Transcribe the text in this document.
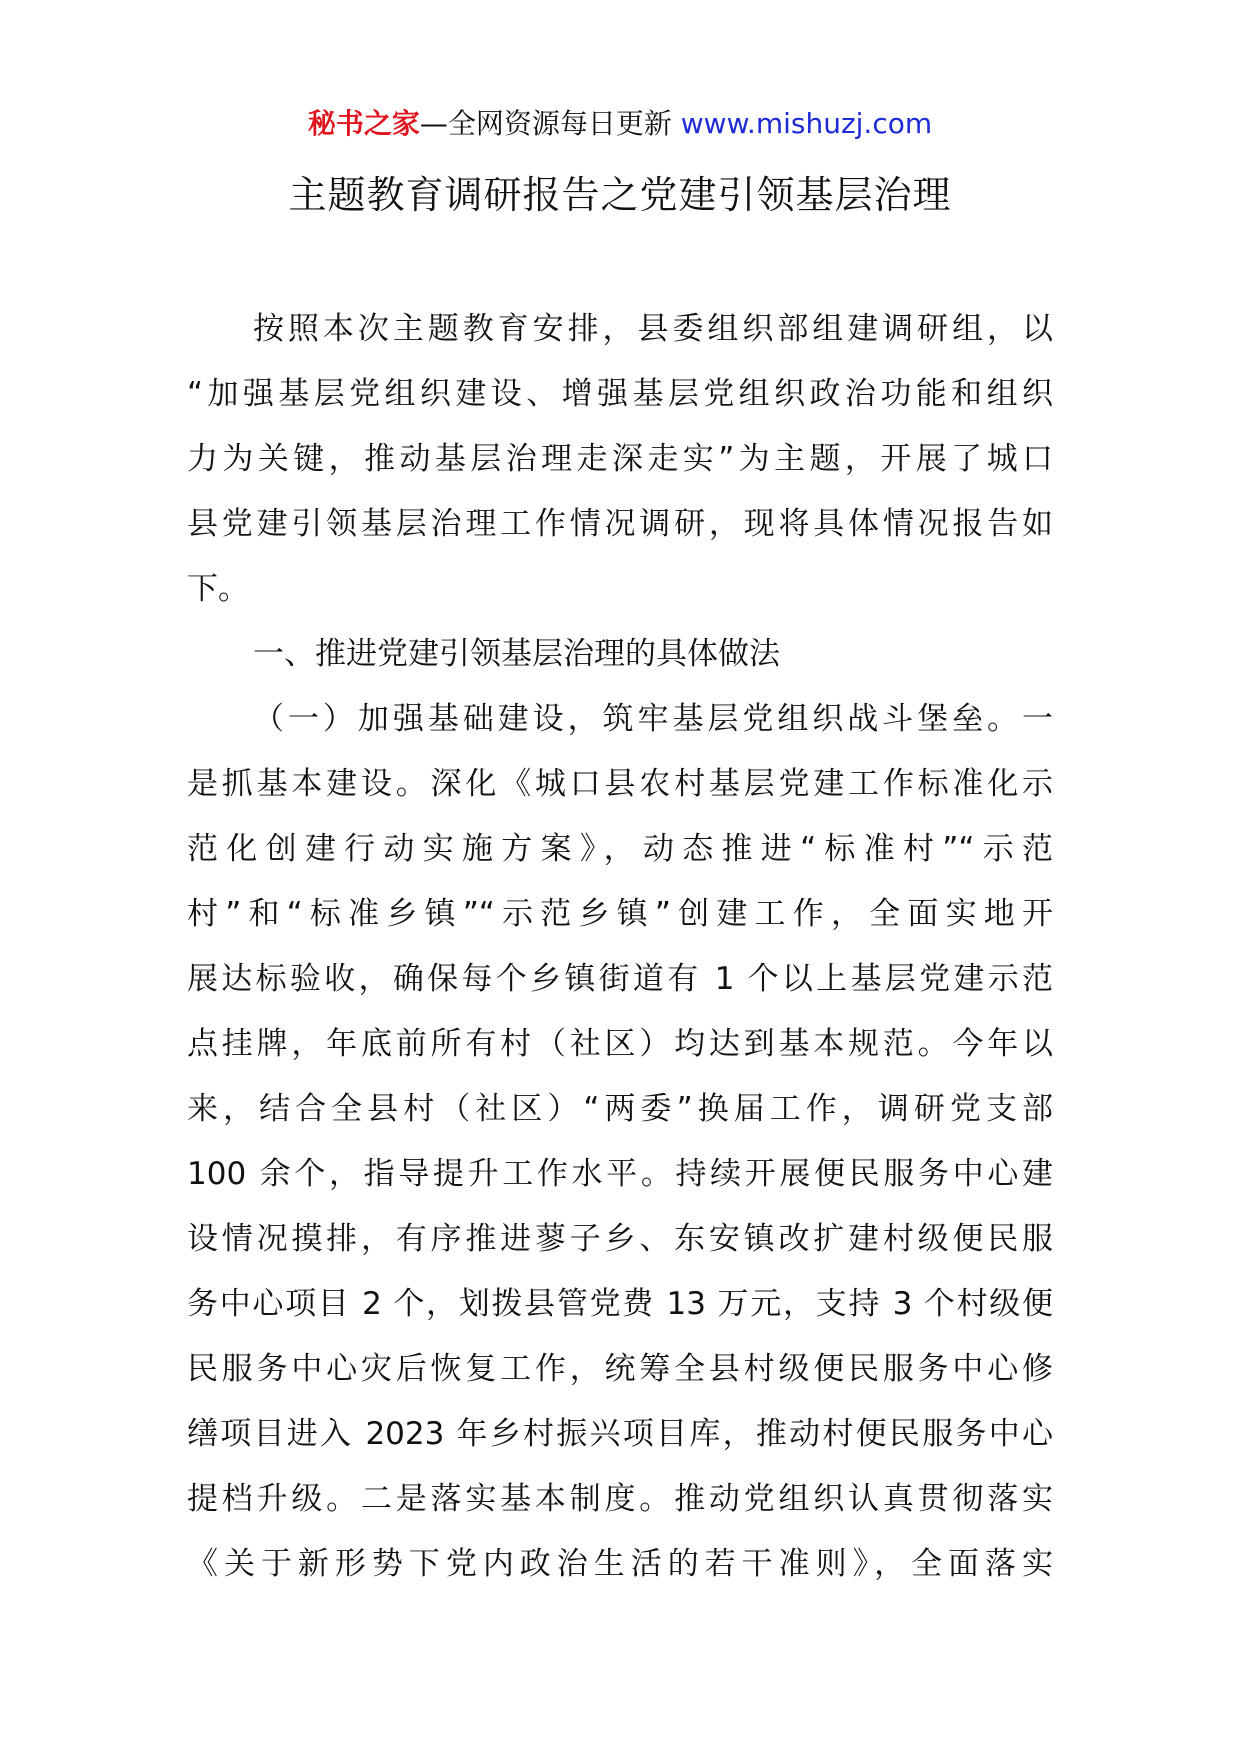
秘书之家—全网资源每日更新 www.mishuzj.com
主题教育调研报告之党建引领基层治理
按照本次主题教育安排，县委组织部组建调研组，以
“加强基层党组织建设、增强基层党组织政治功能和组织
力为关键，推动基层治理走深走实”为主题，开展了城口
县党建引领基层治理工作情况调研，现将具体情况报告如
下。
一、推进党建引领基层治理的具体做法
（一）加强基础建设，筑牢基层党组织战斗堡垒。一
是抓基本建设。深化《城口县农村基层党建工作标准化示
范化创建行动实施方案》，动态推进“标准村”“示范
村”和“标准乡镇”“示范乡镇”创建工作，全面实地开
展达标验收，确保每个乡镇街道有 1 个以上基层党建示范
点挂牌，年底前所有村（社区）均达到基本规范。今年以
来，结合全县村（社区）“两委”换届工作，调研党支部
100 余个，指导提升工作水平。持续开展便民服务中心建
设情况摸排，有序推进蓼子乡、东安镇改扩建村级便民服
务中心项目 2 个，划拨县管党费 13 万元，支持 3 个村级便
民服务中心灾后恢复工作，统筹全县村级便民服务中心修
缮项目进入 2023 年乡村振兴项目库，推动村便民服务中心
提档升级。二是落实基本制度。推动党组织认真贯彻落实
《关于新形势下党内政治生活的若干准则》，全面落实
